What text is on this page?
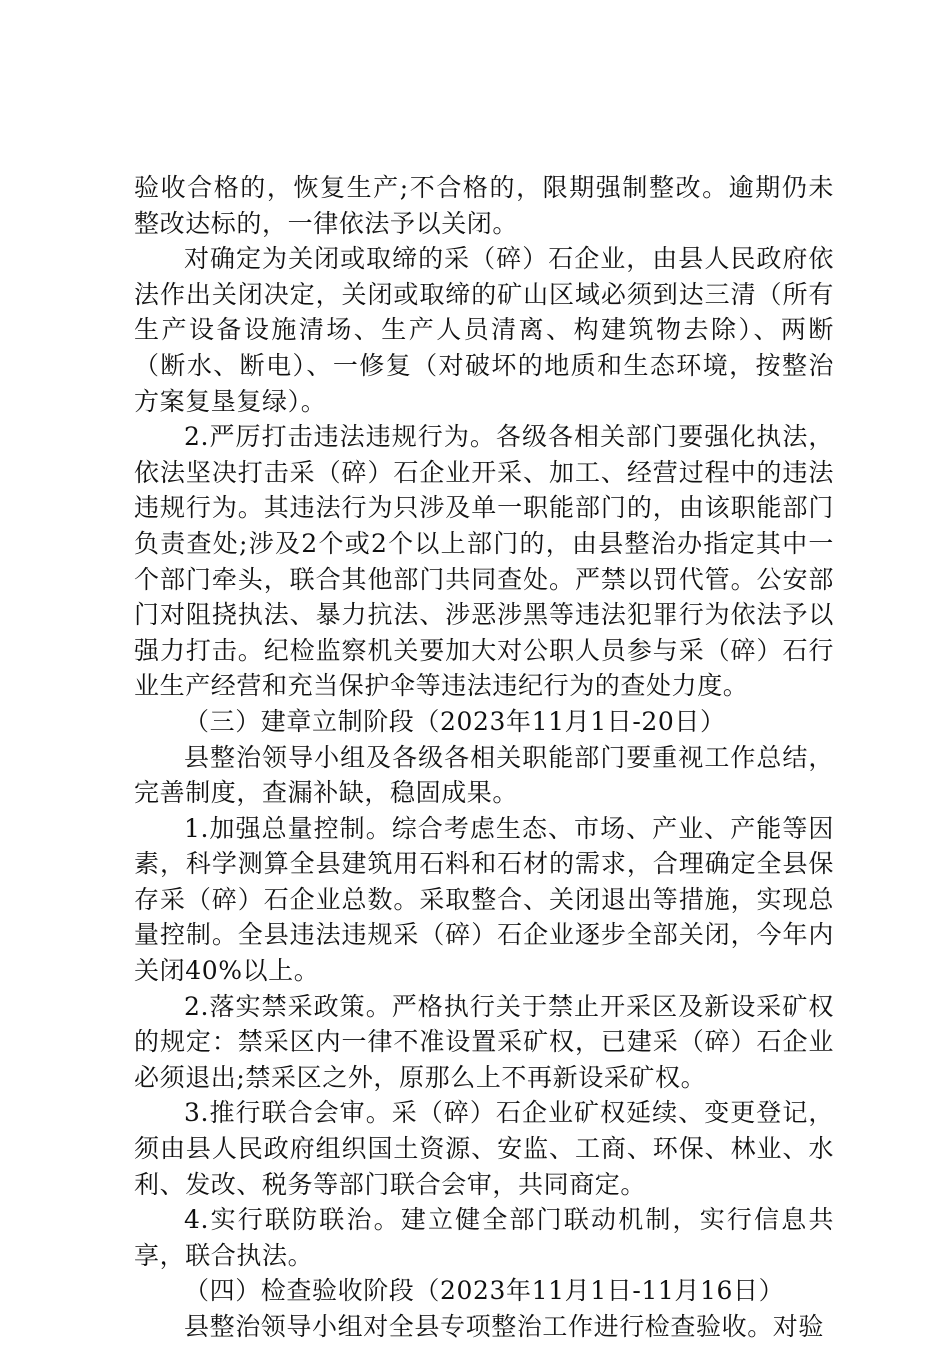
验收合格的，恢复生产;不合格的，限期强制整改。逾期仍未整改达标的，一律依法予以关闭。

对确定为关闭或取缔的采（碎）石企业，由县人民政府依法作出关闭决定，关闭或取缔的矿山区域必须到达三清（所有生产设备设施清场、生产人员清离、构建筑物去除）、两断（断水、断电）、一修复（对破坏的地质和生态环境，按整治方案复垦复绿）。

2.严厉打击违法违规行为。各级各相关部门要强化执法，依法坚决打击采（碎）石企业开采、加工、经营过程中的违法违规行为。其违法行为只涉及单一职能部门的，由该职能部门负责查处;涉及2个或2个以上部门的，由县整治办指定其中一个部门牵头，联合其他部门共同查处。严禁以罚代管。公安部门对阻挠执法、暴力抗法、涉恶涉黑等违法犯罪行为依法予以强力打击。纪检监察机关要加大对公职人员参与采（碎）石行业生产经营和充当保护伞等违法违纪行为的查处力度。

（三）建章立制阶段（2023年11月1日-20日）

县整治领导小组及各级各相关职能部门要重视工作总结，完善制度，查漏补缺，稳固成果。

1.加强总量控制。综合考虑生态、市场、产业、产能等因素，科学测算全县建筑用石料和石材的需求，合理确定全县保存采（碎）石企业总数。采取整合、关闭退出等措施，实现总量控制。全县违法违规采（碎）石企业逐步全部关闭，今年内关闭40%以上。

2.落实禁采政策。严格执行关于禁止开采区及新设采矿权的规定：禁采区内一律不准设置采矿权，已建采（碎）石企业必须退出;禁采区之外，原那么上不再新设采矿权。

3.推行联合会审。采（碎）石企业矿权延续、变更登记，须由县人民政府组织国土资源、安监、工商、环保、林业、水利、发改、税务等部门联合会审，共同商定。

4.实行联防联治。建立健全部门联动机制，实行信息共享，联合执法。

（四）检查验收阶段（2023年11月1日-11月16日）

县整治领导小组对全县专项整治工作进行检查验收。对验
